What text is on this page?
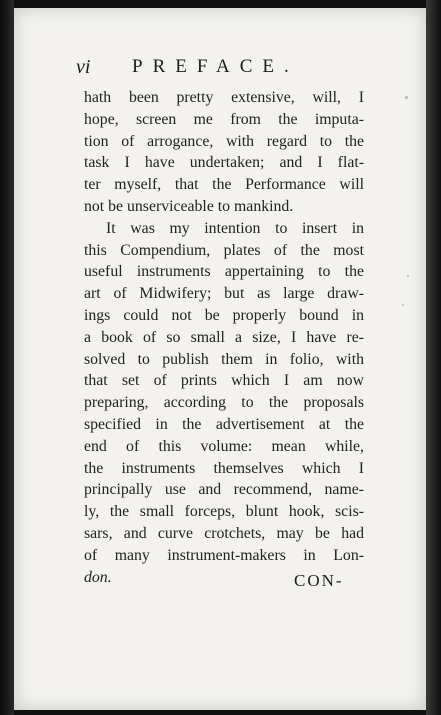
vi PREFACE.
hath been pretty extensive, will, I
hope, screen me from the imputa-
tion of arrogance, with regard to the
task I have undertaken; and I flat-
ter myself, that the Performance will
not be unserviceable to mankind.
It was my intention to insert in
this Compendium, plates of the most
useful instruments appertaining to the
art of Midwifery; but as large draw-
ings could not be properly bound in
a book of so small a size, I have re-
solved to publish them in folio, with
that set of prints which I am now
preparing, according to the proposals
specified in the advertisement at the
end of this volume: mean while,
the instruments themselves which I
principally use and recommend, name-
ly, the small forceps, blunt hook, scis-
sars, and curve crotchets, may be had
of many instrument-makers in Lon-
don.	CON-
